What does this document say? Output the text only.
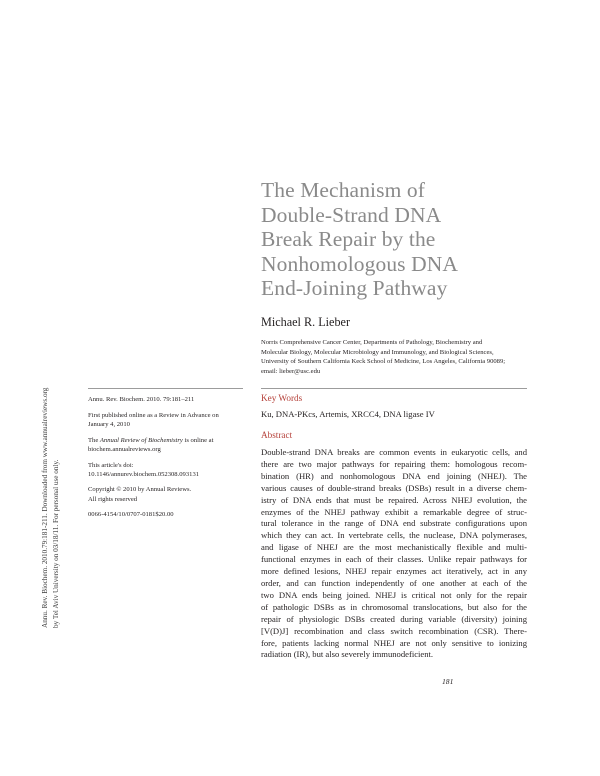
Annu. Rev. Biochem. 2010.79:181-211. Downloaded from www.annualreviews.org by Tel Aviv University on 03/18/11. For personal use only.
The Mechanism of
Double-Strand DNA
Break Repair by the
Nonhomologous DNA
End-Joining Pathway
Michael R. Lieber
Norris Comprehensive Cancer Center, Departments of Pathology, Biochemistry and
Molecular Biology, Molecular Microbiology and Immunology, and Biological Sciences,
University of Southern California Keck School of Medicine, Los Angeles, California 90089;
email: lieber@usc.edu
Annu. Rev. Biochem. 2010. 79:181–211
First published online as a Review in Advance on
January 4, 2010
The Annual Review of Biochemistry is online at
biochem.annualreviews.org
This article's doi:
10.1146/annurev.biochem.052308.093131
Copyright © 2010 by Annual Reviews.
All rights reserved
0066-4154/10/0707-0181$20.00
Key Words
Ku, DNA-PKcs, Artemis, XRCC4, DNA ligase IV
Abstract
Double-strand DNA breaks are common events in eukaryotic cells, and
there are two major pathways for repairing them: homologous recom-
bination (HR) and nonhomologous DNA end joining (NHEJ). The
various causes of double-strand breaks (DSBs) result in a diverse chem-
istry of DNA ends that must be repaired. Across NHEJ evolution, the
enzymes of the NHEJ pathway exhibit a remarkable degree of struc-
tural tolerance in the range of DNA end substrate configurations upon
which they can act. In vertebrate cells, the nuclease, DNA polymerases,
and ligase of NHEJ are the most mechanistically flexible and multi-
functional enzymes in each of their classes. Unlike repair pathways for
more defined lesions, NHEJ repair enzymes act iteratively, act in any
order, and can function independently of one another at each of the
two DNA ends being joined. NHEJ is critical not only for the repair
of pathologic DSBs as in chromosomal translocations, but also for the
repair of physiologic DSBs created during variable (diversity) joining
[V(D)J] recombination and class switch recombination (CSR). There-
fore, patients lacking normal NHEJ are not only sensitive to ionizing
radiation (IR), but also severely immunodeficient.
181
